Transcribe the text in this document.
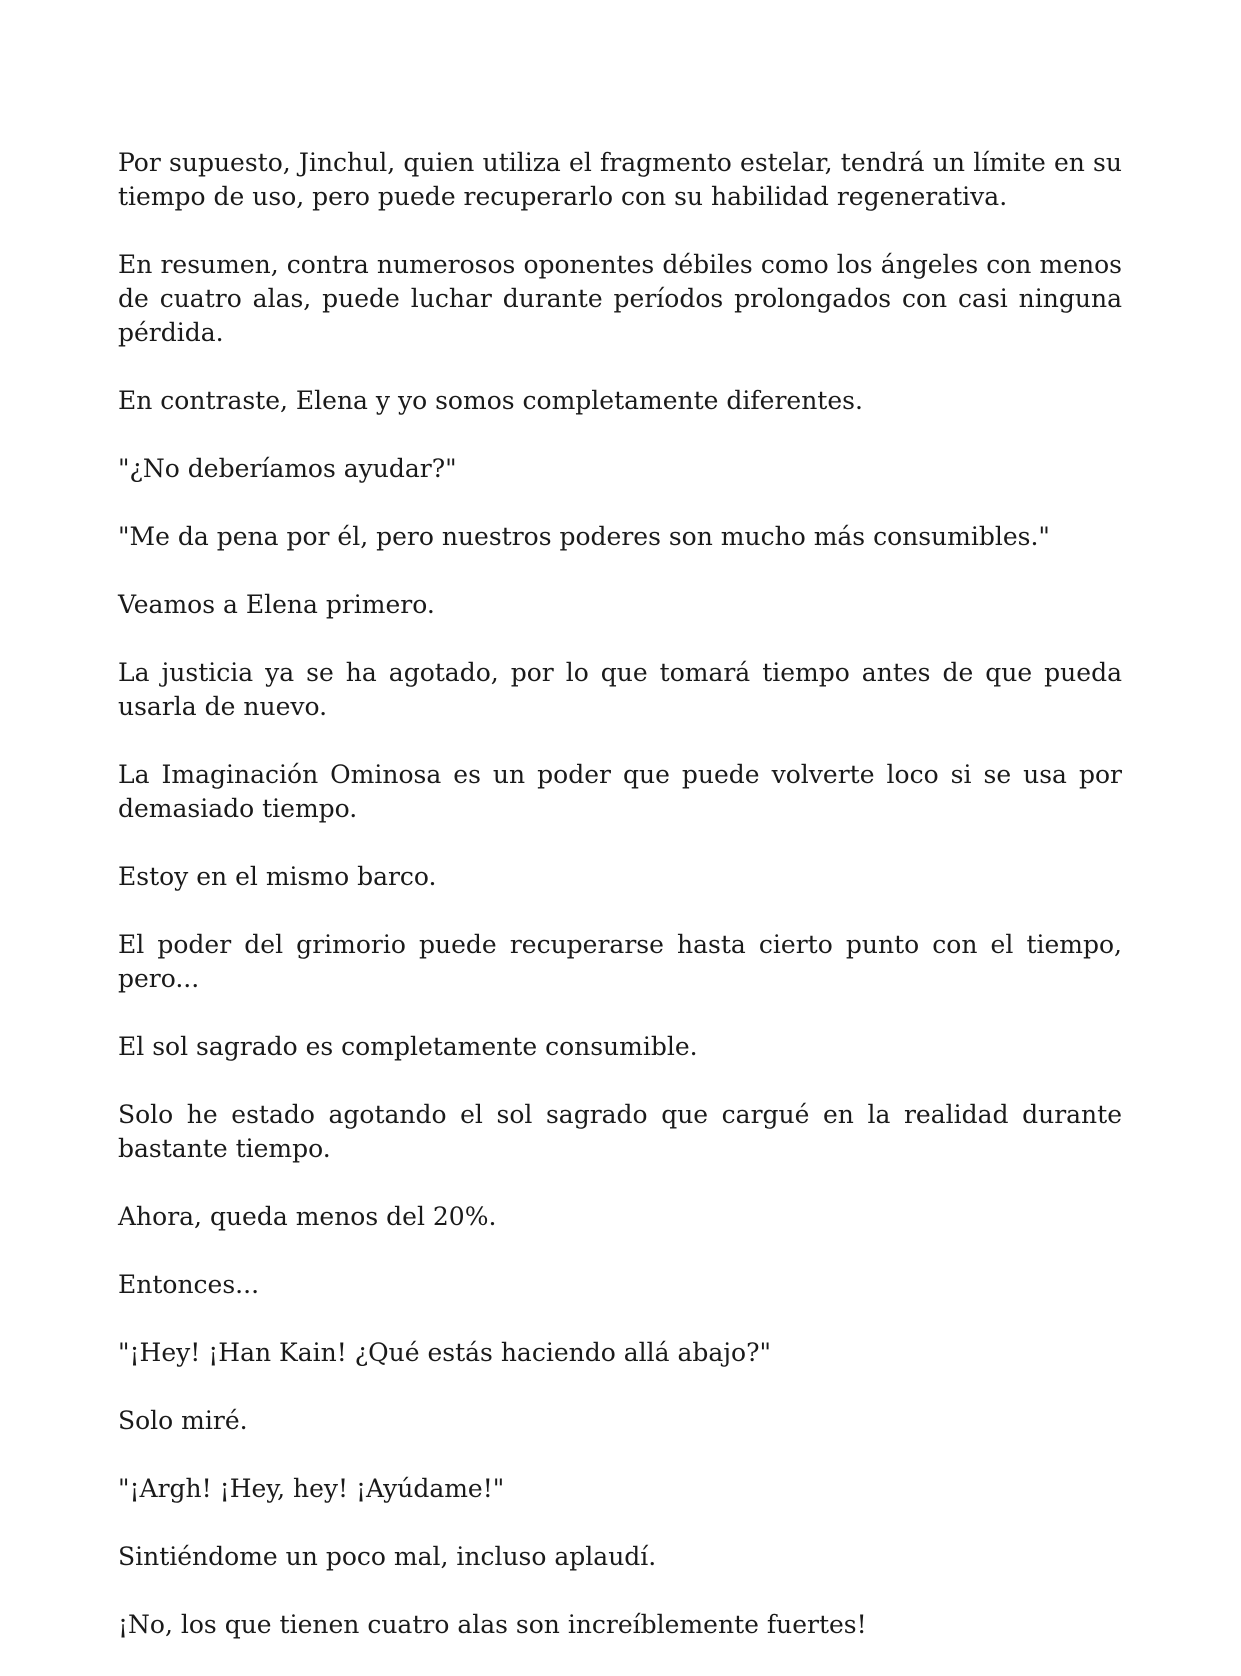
Por supuesto, Jinchul, quien utiliza el fragmento estelar, tendrá un límite en su tiempo de uso, pero puede recuperarlo con su habilidad regenerativa.

En resumen, contra numerosos oponentes débiles como los ángeles con menos de cuatro alas, puede luchar durante períodos prolongados con casi ninguna pérdida.

En contraste, Elena y yo somos completamente diferentes.

"¿No deberíamos ayudar?"

"Me da pena por él, pero nuestros poderes son mucho más consumibles."

Veamos a Elena primero.

La justicia ya se ha agotado, por lo que tomará tiempo antes de que pueda usarla de nuevo.

La Imaginación Ominosa es un poder que puede volverte loco si se usa por demasiado tiempo.

Estoy en el mismo barco.

El poder del grimorio puede recuperarse hasta cierto punto con el tiempo, pero...

El sol sagrado es completamente consumible.

Solo he estado agotando el sol sagrado que cargué en la realidad durante bastante tiempo.

Ahora, queda menos del 20%.

Entonces...

"¡Hey! ¡Han Kain! ¿Qué estás haciendo allá abajo?"

Solo miré.

"¡Argh! ¡Hey, hey! ¡Ayúdame!"

Sintiéndome un poco mal, incluso aplaudí.

¡No, los que tienen cuatro alas son increíblemente fuertes!
